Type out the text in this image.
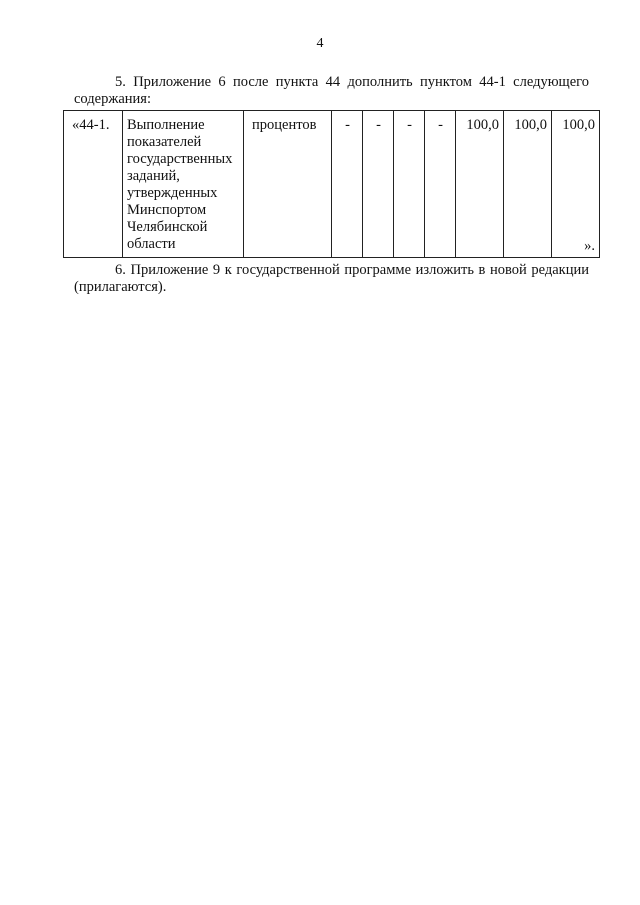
4
5. Приложение 6 после пункта 44 дополнить пунктом 44-1 следующего содержания:
«44-1.	Выполнение показателей государственных заданий, утвержденных Минспортом Челябинской области	процентов	-	-	-	-	100,0	100,0	100,0
».
6. Приложение 9 к государственной программе изложить в новой редакции (прилагаются).
